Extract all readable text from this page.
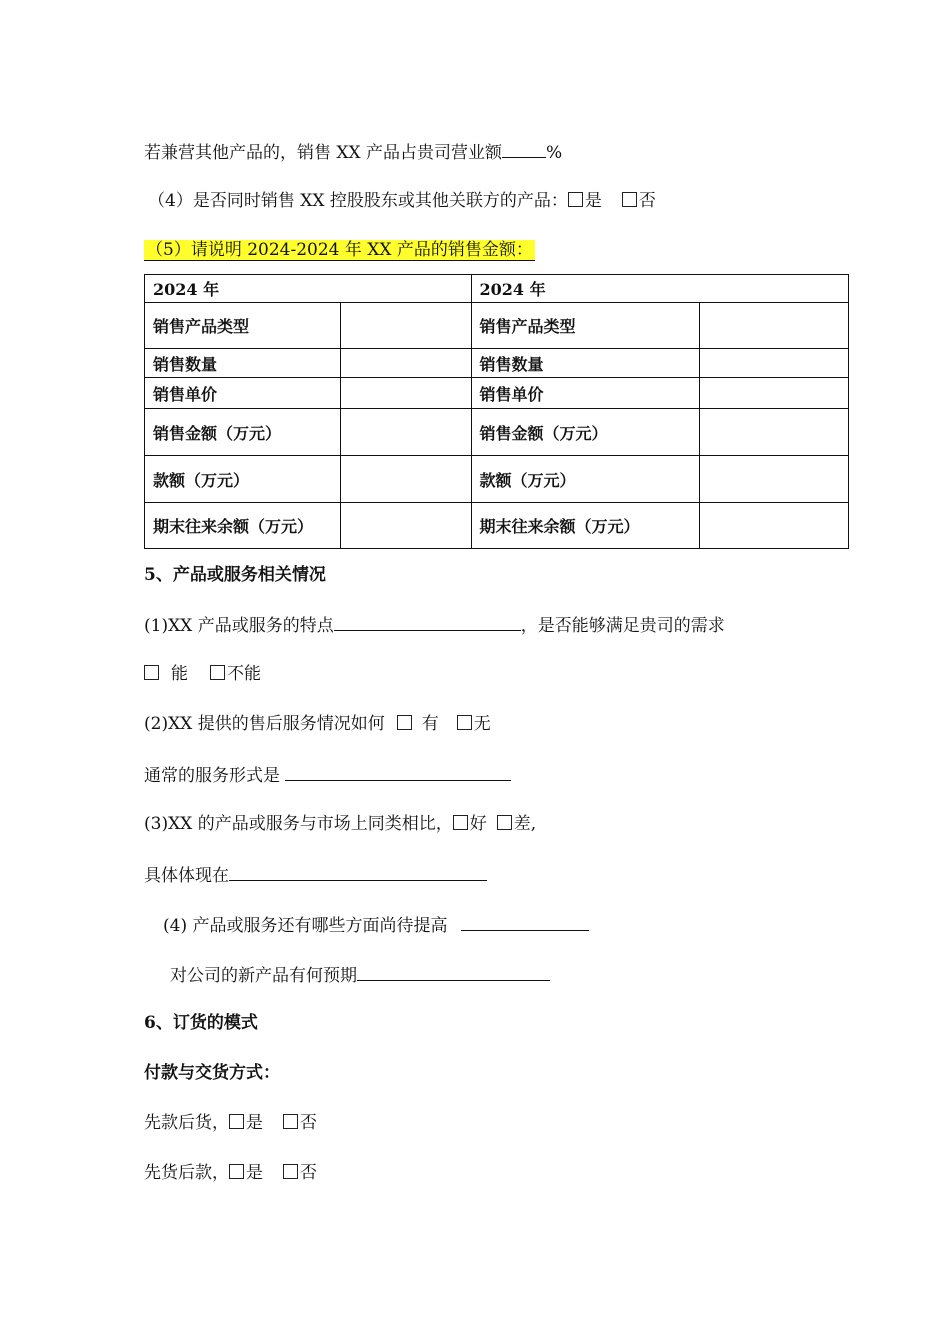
若兼营其他产品的，销售 XX 产品占贵司营业额	%
（4）是否同时销售 XX 控股股东或其他关联方的产品： 是 否
（5）请说明 2024-2024 年 XX 产品的销售金额：
2024 年		2024 年	
销售产品类型		销售产品类型	
销售数量		销售数量	
销售单价		销售单价	
销售金额（万元）		销售金额（万元）	
款额（万元）		款额（万元）	
期末往来余额（万元）		期末往来余额（万元）	
5、产品或服务相关情况
(1)XX 产品或服务的特点	，是否能够满足贵司的需求
能 不能
(2)XX 提供的售后服务情况如何 有 无
通常的服务形式是
(3)XX 的产品或服务与市场上同类相比， 好 差,
具体体现在
(4) 产品或服务还有哪些方面尚待提高
对公司的新产品有何预期
6、订货的模式
付款与交货方式：
先款后货， 是 否
先货后款， 是 否
